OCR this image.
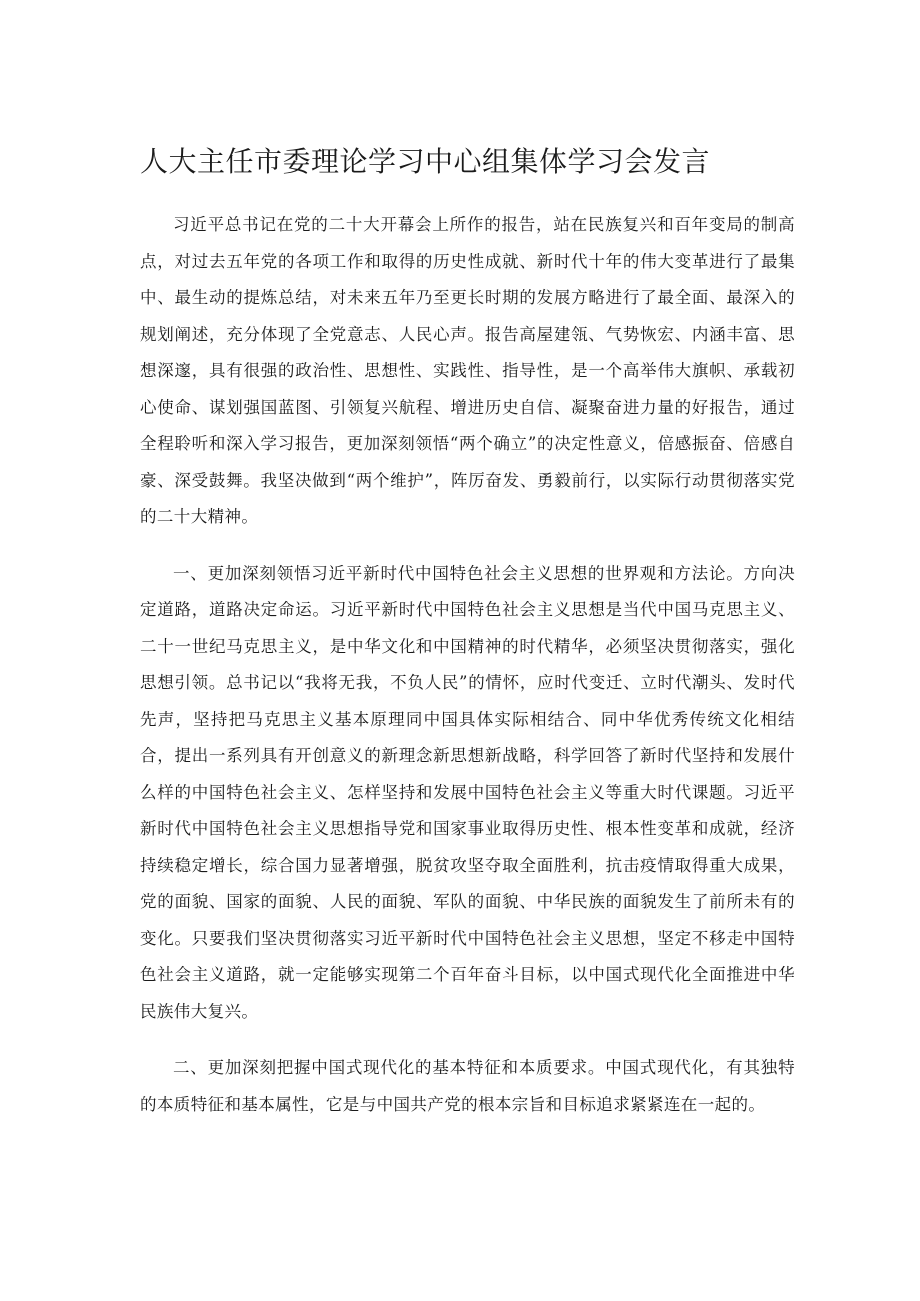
人大主任市委理论学习中心组集体学习会发言

习近平总书记在党的二十大开幕会上所作的报告，站在民族复兴和百年变局的制高点，对过去五年党的各项工作和取得的历史性成就、新时代十年的伟大变革进行了最集中、最生动的提炼总结，对未来五年乃至更长时期的发展方略进行了最全面、最深入的规划阐述，充分体现了全党意志、人民心声。报告高屋建瓴、气势恢宏、内涵丰富、思想深邃，具有很强的政治性、思想性、实践性、指导性，是一个高举伟大旗帜、承载初心使命、谋划强国蓝图、引领复兴航程、增进历史自信、凝聚奋进力量的好报告，通过全程聆听和深入学习报告，更加深刻领悟“两个确立”的决定性意义，倍感振奋、倍感自豪、深受鼓舞。我坚决做到“两个维护”，阵厉奋发、勇毅前行，以实际行动贯彻落实党的二十大精神。

一、更加深刻领悟习近平新时代中国特色社会主义思想的世界观和方法论。方向决定道路，道路决定命运。习近平新时代中国特色社会主义思想是当代中国马克思主义、二十一世纪马克思主义，是中华文化和中国精神的时代精华，必须坚决贯彻落实，强化思想引领。总书记以“我将无我，不负人民”的情怀，应时代变迁、立时代潮头、发时代先声，坚持把马克思主义基本原理同中国具体实际相结合、同中华优秀传统文化相结合，提出一系列具有开创意义的新理念新思想新战略，科学回答了新时代坚持和发展什么样的中国特色社会主义、怎样坚持和发展中国特色社会主义等重大时代课题。习近平新时代中国特色社会主义思想指导党和国家事业取得历史性、根本性变革和成就，经济持续稳定增长，综合国力显著增强，脱贫攻坚夺取全面胜利，抗击疫情取得重大成果，党的面貌、国家的面貌、人民的面貌、军队的面貌、中华民族的面貌发生了前所未有的变化。只要我们坚决贯彻落实习近平新时代中国特色社会主义思想，坚定不移走中国特色社会主义道路，就一定能够实现第二个百年奋斗目标，以中国式现代化全面推进中华民族伟大复兴。

二、更加深刻把握中国式现代化的基本特征和本质要求。中国式现代化，有其独特的本质特征和基本属性，它是与中国共产党的根本宗旨和目标追求紧紧连在一起的。
